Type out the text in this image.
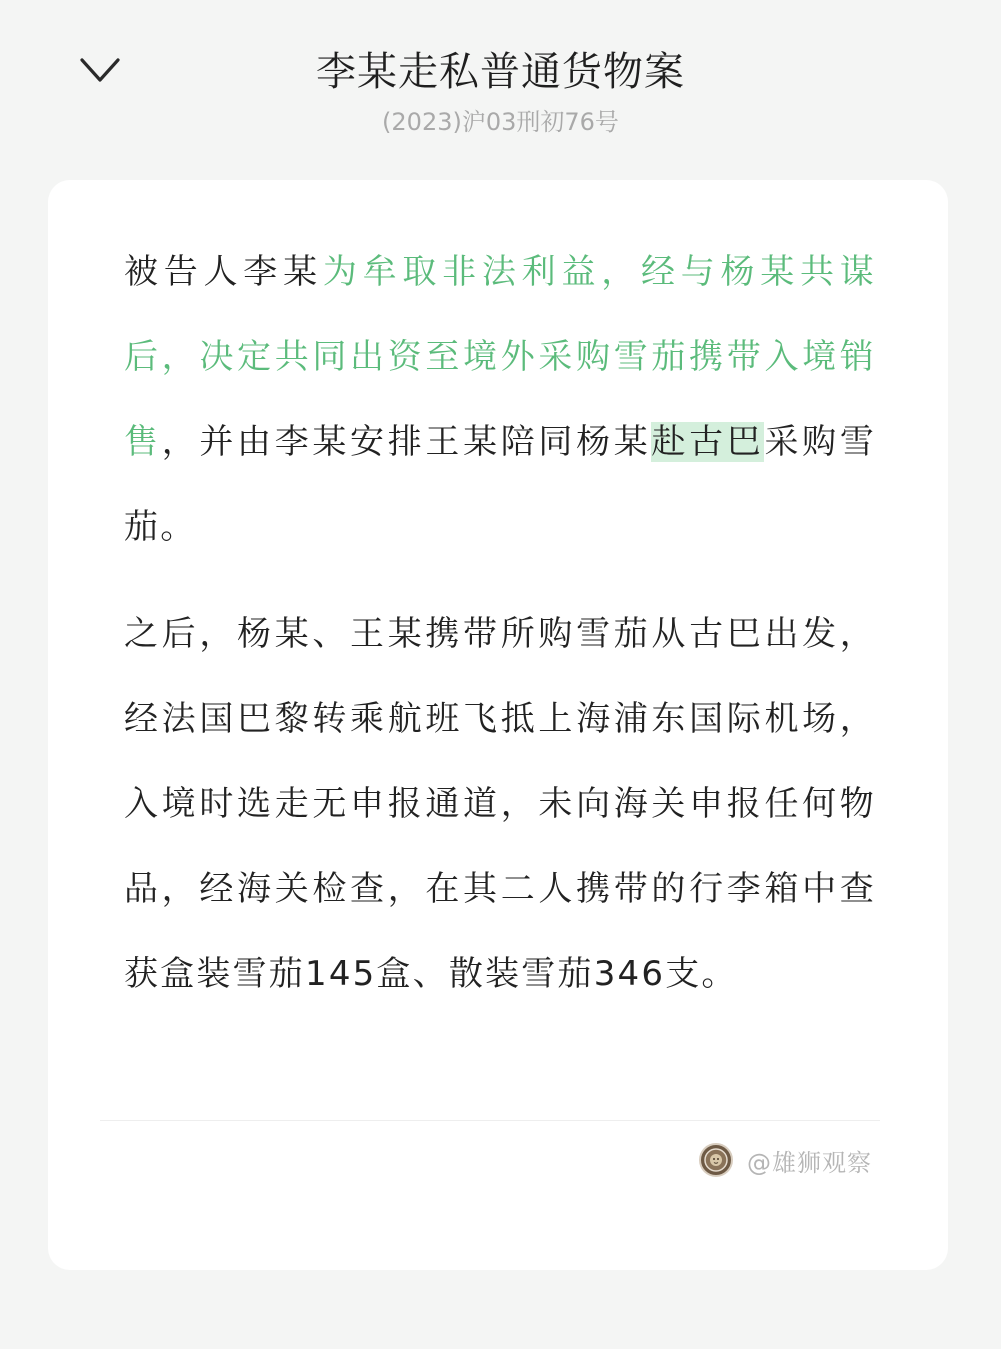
李某走私普通货物案
(2023)沪03刑初76号

被告人李某为牟取非法利益，经与杨某共谋后，决定共同出资至境外采购雪茄携带入境销售，并由李某安排王某陪同杨某赴古巴采购雪茄。

之后，杨某、王某携带所购雪茄从古巴出发，经法国巴黎转乘航班飞抵上海浦东国际机场，入境时选走无申报通道，未向海关申报任何物品，经海关检查，在其二人携带的行李箱中查获盒装雪茄145盒、散装雪茄346支。

@雄狮观察
